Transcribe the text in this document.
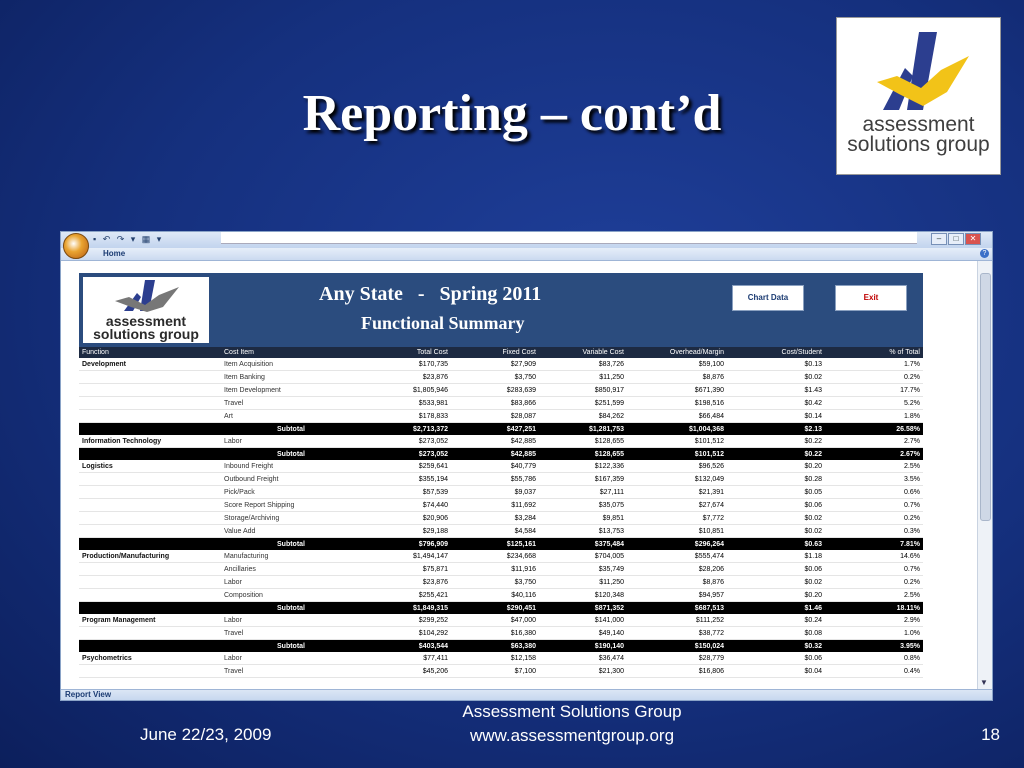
Reporting – cont’d	assessment
solutions group
▪ ↶ ↷ ▾ ▦ ▾	–	□	✕
Home	?
assessment
solutions group
Any State   -   Spring 2011
Functional Summary
Chart Data	Exit
Function	Cost Item	Total Cost	Fixed Cost	Variable Cost	Overhead/Margin	Cost/Student	% of Total
Development	Item Acquisition	$170,735	$27,909	$83,726	$59,100	$0.13	1.7%
	Item Banking	$23,876	$3,750	$11,250	$8,876	$0.02	0.2%
	Item Development	$1,805,946	$283,639	$850,917	$671,390	$1.43	17.7%
	Travel	$533,981	$83,866	$251,599	$198,516	$0.42	5.2%
	Art	$178,833	$28,087	$84,262	$66,484	$0.14	1.8%
	Subtotal	$2,713,372	$427,251	$1,281,753	$1,004,368	$2.13	26.58%
Information Technology	Labor	$273,052	$42,885	$128,655	$101,512	$0.22	2.7%
	Subtotal	$273,052	$42,885	$128,655	$101,512	$0.22	2.67%
Logistics	Inbound Freight	$259,641	$40,779	$122,336	$96,526	$0.20	2.5%
	Outbound Freight	$355,194	$55,786	$167,359	$132,049	$0.28	3.5%
	Pick/Pack	$57,539	$9,037	$27,111	$21,391	$0.05	0.6%
	Score Report Shipping	$74,440	$11,692	$35,075	$27,674	$0.06	0.7%
	Storage/Archiving	$20,906	$3,284	$9,851	$7,772	$0.02	0.2%
	Value Add	$29,188	$4,584	$13,753	$10,851	$0.02	0.3%
	Subtotal	$796,909	$125,161	$375,484	$296,264	$0.63	7.81%
Production/Manufacturing	Manufacturing	$1,494,147	$234,668	$704,005	$555,474	$1.18	14.6%
	Ancillaries	$75,871	$11,916	$35,749	$28,206	$0.06	0.7%
	Labor	$23,876	$3,750	$11,250	$8,876	$0.02	0.2%
	Composition	$255,421	$40,116	$120,348	$94,957	$0.20	2.5%
	Subtotal	$1,849,315	$290,451	$871,352	$687,513	$1.46	18.11%
Program Management	Labor	$299,252	$47,000	$141,000	$111,252	$0.24	2.9%
	Travel	$104,292	$16,380	$49,140	$38,772	$0.08	1.0%
	Subtotal	$403,544	$63,380	$190,140	$150,024	$0.32	3.95%
Psychometrics	Labor	$77,411	$12,158	$36,474	$28,779	$0.06	0.8%
	Travel	$45,206	$7,100	$21,300	$16,806	$0.04	0.4%
▼
Report View
June 22/23, 2009
Assessment Solutions Group
www.assessmentgroup.org	18
